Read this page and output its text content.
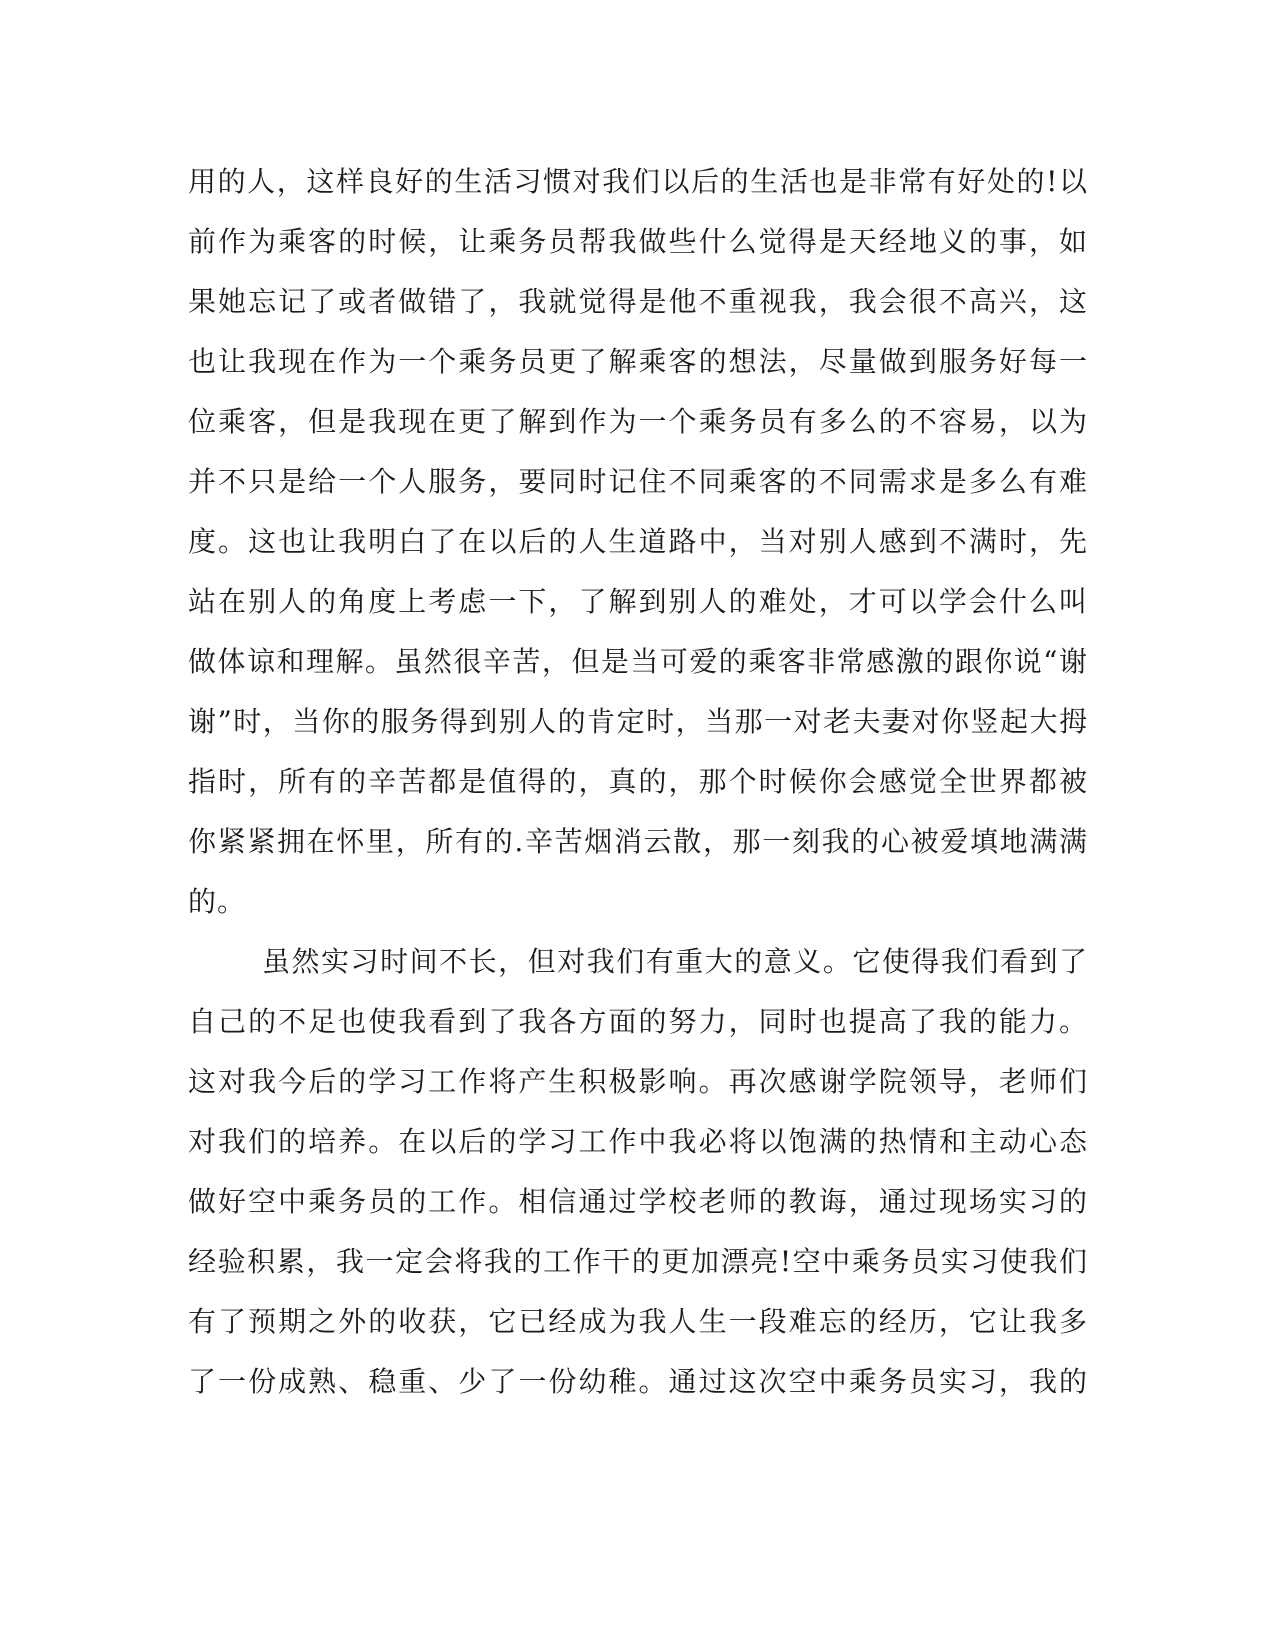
用的人，这样良好的生活习惯对我们以后的生活也是非常有好处的!以
前作为乘客的时候，让乘务员帮我做些什么觉得是天经地义的事，如
果她忘记了或者做错了，我就觉得是他不重视我，我会很不高兴，这
也让我现在作为一个乘务员更了解乘客的想法，尽量做到服务好每一
位乘客，但是我现在更了解到作为一个乘务员有多么的不容易，以为
并不只是给一个人服务，要同时记住不同乘客的不同需求是多么有难
度。这也让我明白了在以后的人生道路中，当对别人感到不满时，先
站在别人的角度上考虑一下，了解到别人的难处，才可以学会什么叫
做体谅和理解。虽然很辛苦，但是当可爱的乘客非常感激的跟你说“谢
谢”时，当你的服务得到别人的肯定时，当那一对老夫妻对你竖起大拇
指时，所有的辛苦都是值得的，真的，那个时候你会感觉全世界都被
你紧紧拥在怀里，所有的.辛苦烟消云散，那一刻我的心被爱填地满满
的。
虽然实习时间不长，但对我们有重大的意义。它使得我们看到了
自己的不足也使我看到了我各方面的努力，同时也提高了我的能力。
这对我今后的学习工作将产生积极影响。再次感谢学院领导，老师们
对我们的培养。在以后的学习工作中我必将以饱满的热情和主动心态
做好空中乘务员的工作。相信通过学校老师的教诲，通过现场实习的
经验积累，我一定会将我的工作干的更加漂亮!空中乘务员实习使我们
有了预期之外的收获，它已经成为我人生一段难忘的经历，它让我多
了一份成熟、稳重、少了一份幼稚。通过这次空中乘务员实习，我的
